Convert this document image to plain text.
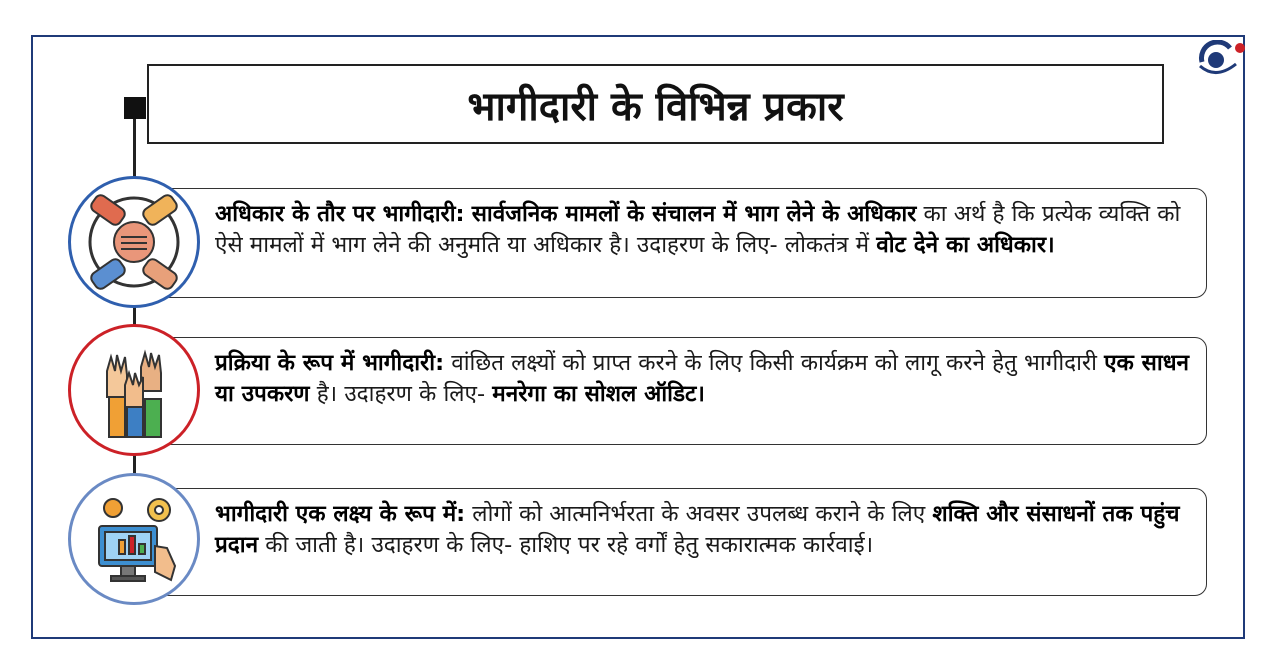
भागीदारी के विभिन्न प्रकार
अधिकार के तौर पर भागीदारी: सार्वजनिक मामलों के संचालन में भाग लेने के अधिकार का अर्थ है कि प्रत्येक व्यक्ति को ऐसे मामलों में भाग लेने की अनुमति या अधिकार है। उदाहरण के लिए- लोकतंत्र में वोट देने का अधिकार।
प्रक्रिया के रूप में भागीदारी: वांछित लक्ष्यों को प्राप्त करने के लिए किसी कार्यक्रम को लागू करने हेतु भागीदारी एक साधन या उपकरण है। उदाहरण के लिए- मनरेगा का सोशल ऑडिट।
भागीदारी एक लक्ष्य के रूप में: लोगों को आत्मनिर्भरता के अवसर उपलब्ध कराने के लिए शक्ति और संसाधनों तक पहुंच प्रदान की जाती है। उदाहरण के लिए- हाशिए पर रहे वर्गों हेतु सकारात्मक कार्रवाई।
